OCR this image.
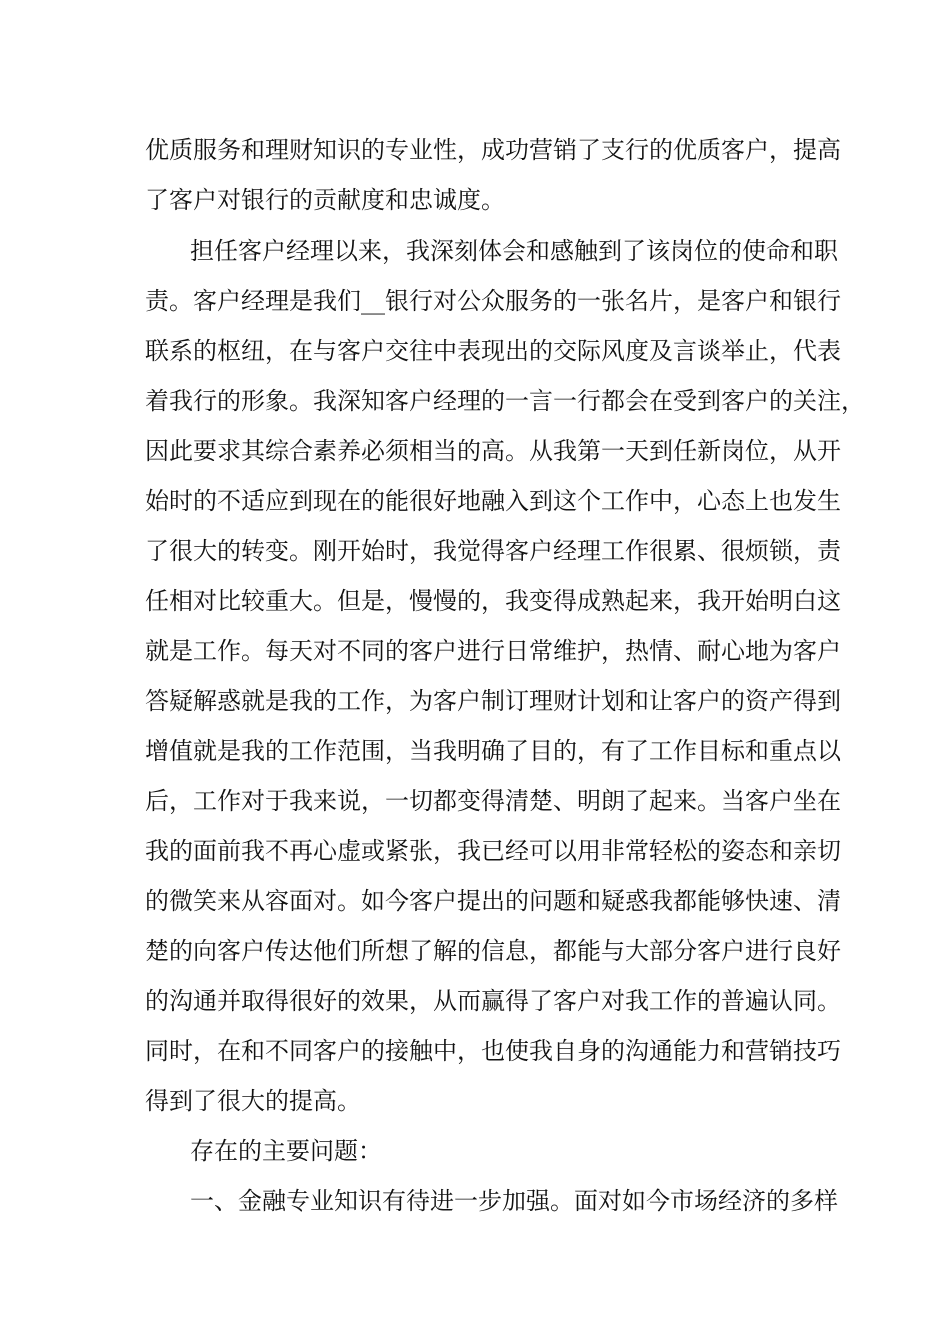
优质服务和理财知识的专业性，成功营销了支行的优质客户，提高
了客户对银行的贡献度和忠诚度。
担任客户经理以来，我深刻体会和感触到了该岗位的使命和职
责。客户经理是我们__银行对公众服务的一张名片，是客户和银行
联系的枢纽，在与客户交往中表现出的交际风度及言谈举止，代表
着我行的形象。我深知客户经理的一言一行都会在受到客户的关注，
因此要求其综合素养必须相当的高。从我第一天到任新岗位，从开
始时的不适应到现在的能很好地融入到这个工作中，心态上也发生
了很大的转变。刚开始时，我觉得客户经理工作很累、很烦锁，责
任相对比较重大。但是，慢慢的，我变得成熟起来，我开始明白这
就是工作。每天对不同的客户进行日常维护，热情、耐心地为客户
答疑解惑就是我的工作，为客户制订理财计划和让客户的资产得到
增值就是我的工作范围，当我明确了目的，有了工作目标和重点以
后，工作对于我来说，一切都变得清楚、明朗了起来。当客户坐在
我的面前我不再心虚或紧张，我已经可以用非常轻松的姿态和亲切
的微笑来从容面对。如今客户提出的问题和疑惑我都能够快速、清
楚的向客户传达他们所想了解的信息，都能与大部分客户进行良好
的沟通并取得很好的效果，从而赢得了客户对我工作的普遍认同。
同时，在和不同客户的接触中，也使我自身的沟通能力和营销技巧
得到了很大的提高。
存在的主要问题：
一、金融专业知识有待进一步加强。面对如今市场经济的多样
